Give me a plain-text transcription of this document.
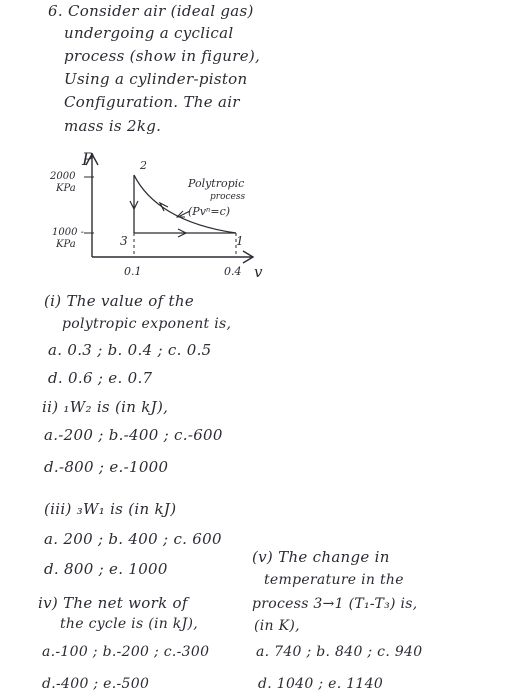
6. Consider air (ideal gas)
undergoing a cyclical
process (show in figure),
Using a cylinder-piston
Configuration. The air
mass is 2kg.
P
v
2000
KPa
1000 -
KPa
0.1	0.4
2
3	1
Polytropic
process
(Pvⁿ=c)
(i) The value of the
polytropic exponent is,
a. 0.3 ; b. 0.4 ; c. 0.5
d. 0.6 ; e. 0.7
ii) ₁W₂ is (in kJ),
a.-200 ; b.-400 ; c.-600
d.-800 ; e.-1000
(iii) ₃W₁ is (in kJ)
a. 200 ; b. 400 ; c. 600
d. 800 ; e. 1000
iv) The net work of
the cycle is (in kJ),
a.-100 ; b.-200 ; c.-300
d.-400 ; e.-500
(v) The change in
temperature in the
process 3→1 (T₁-T₃) is,
(in K),
a. 740 ; b. 840 ; c. 940
d. 1040 ; e. 1140
